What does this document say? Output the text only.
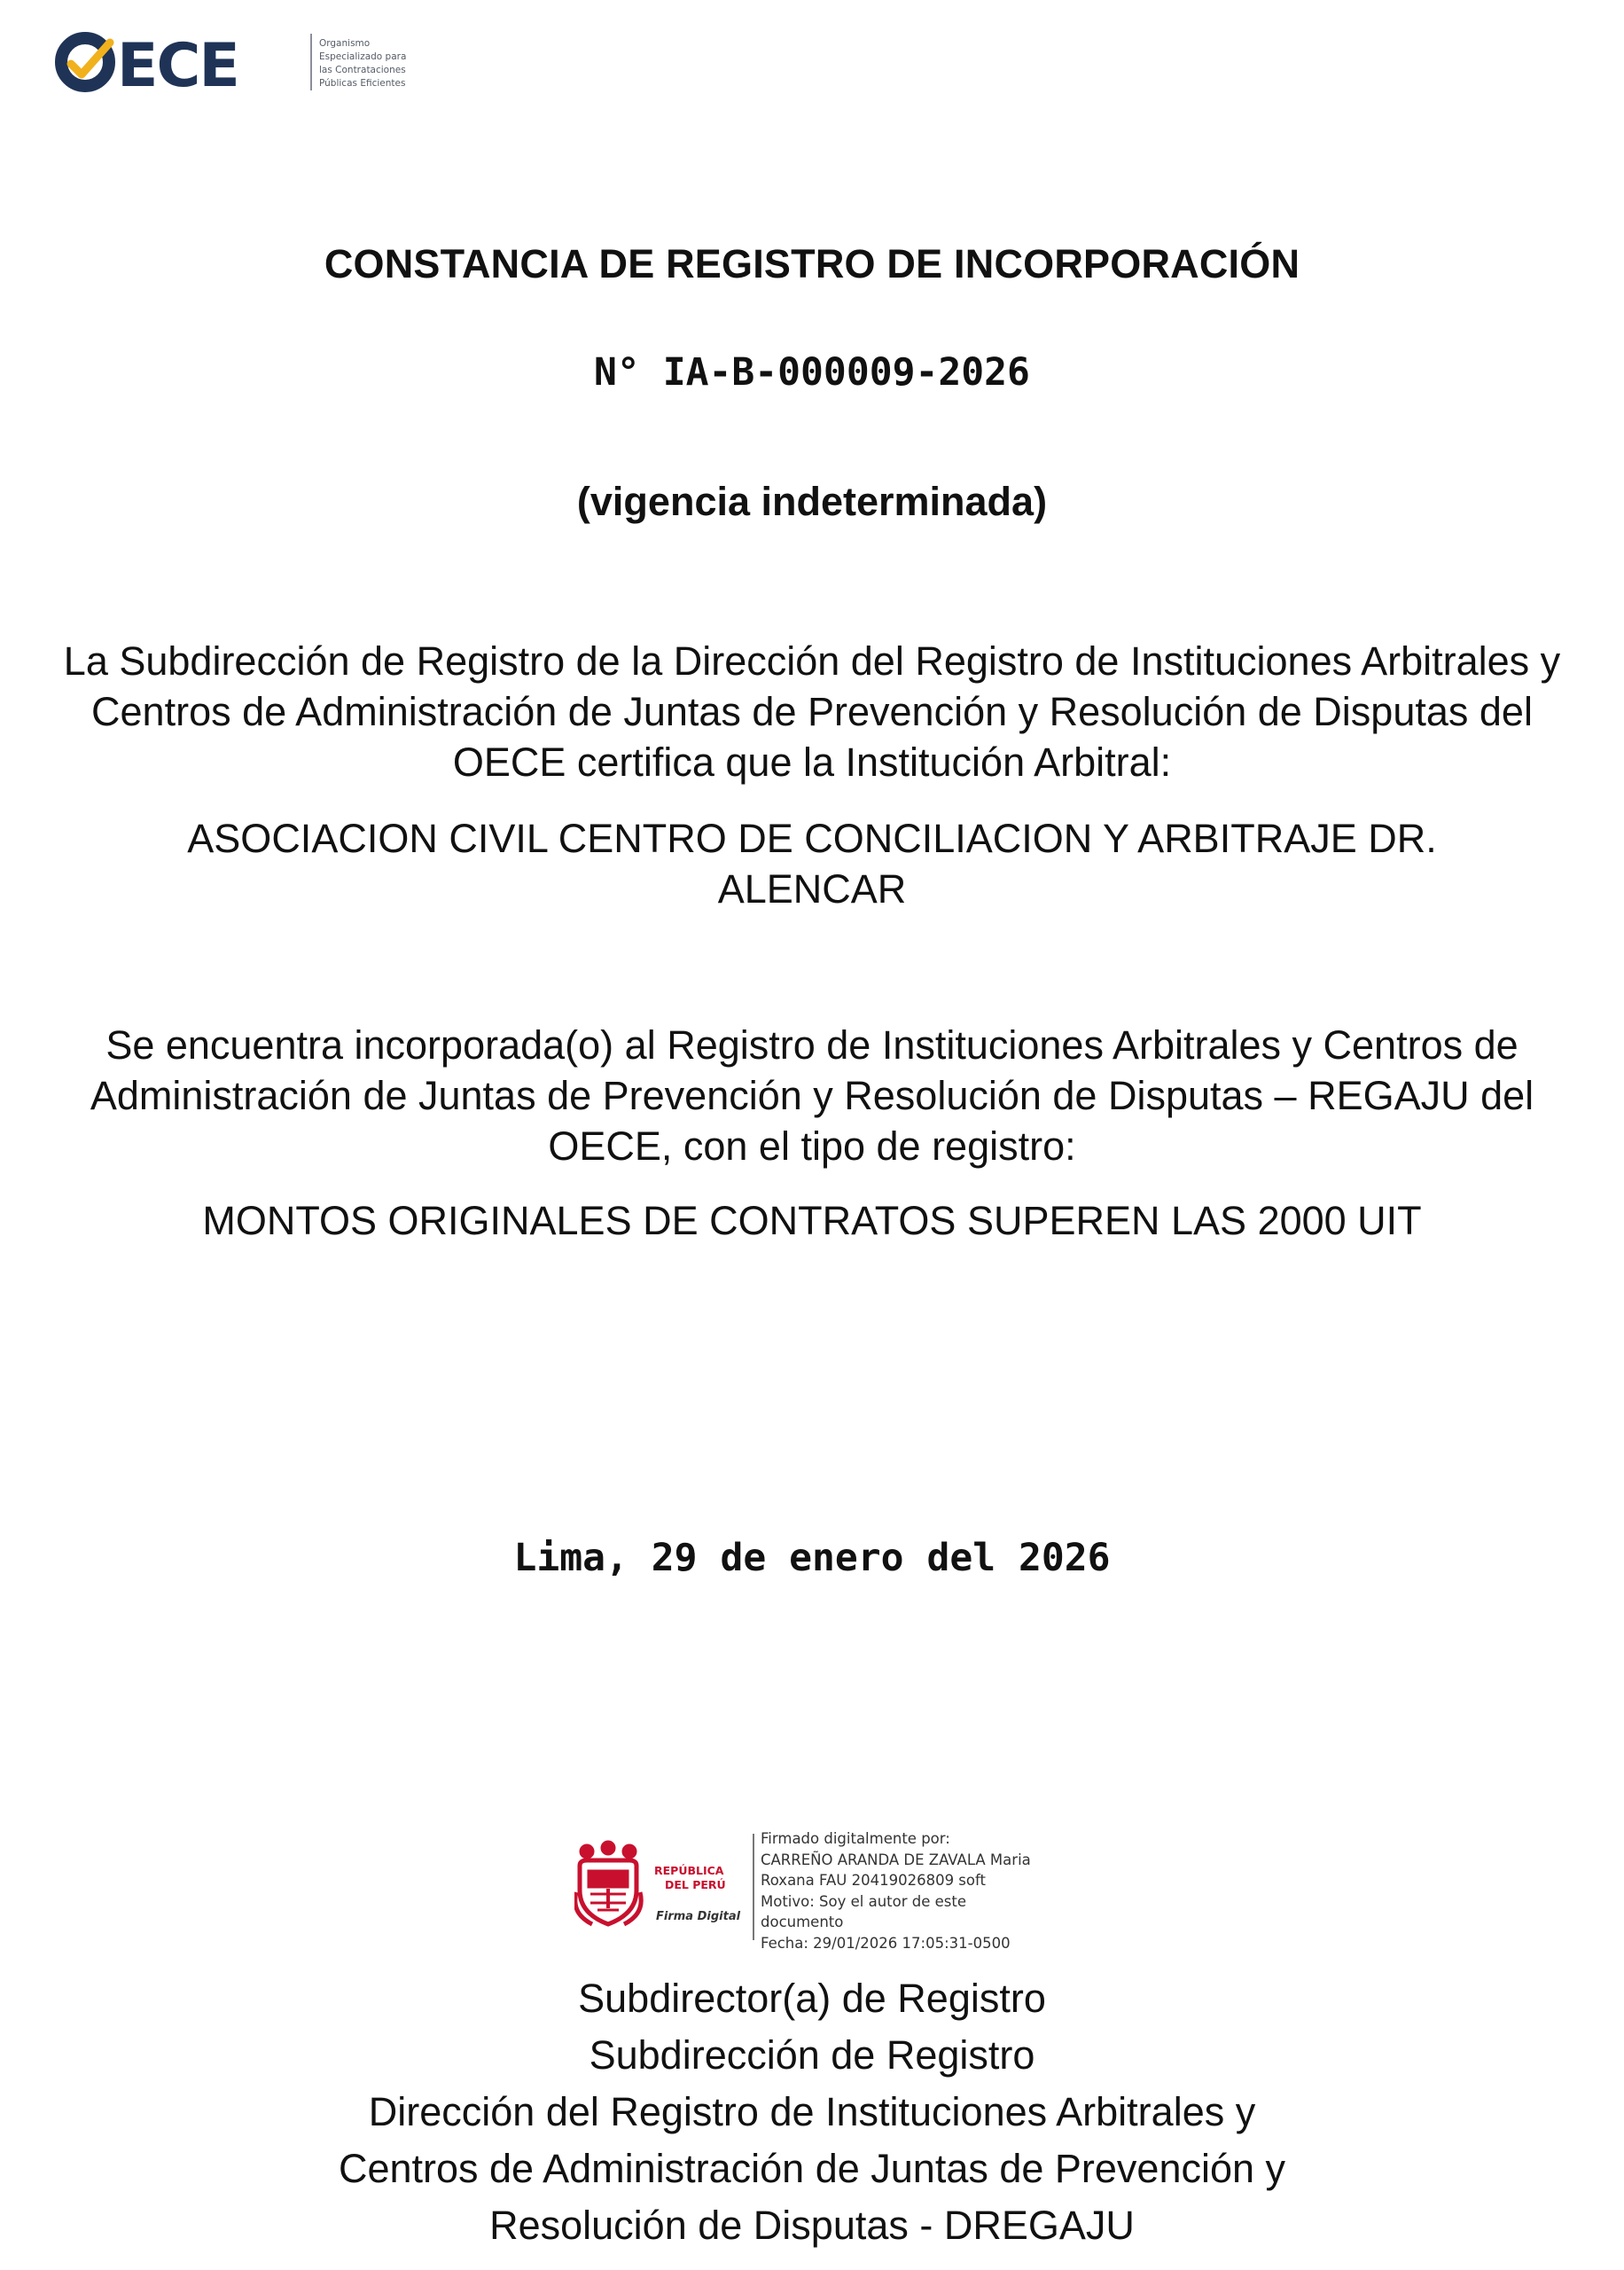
ECE	Organismo
Especializado para
las Contrataciones
Públicas Eficientes
CONSTANCIA DE REGISTRO DE INCORPORACIÓN
N° IA-B-000009-2026
(vigencia indeterminada)
La Subdirección de Registro de la Dirección del Registro de Instituciones Arbitrales y Centros de Administración de Juntas de Prevención y Resolución de Disputas del OECE certifica que la Institución Arbitral:
ASOCIACION CIVIL CENTRO DE CONCILIACION Y ARBITRAJE DR. ALENCAR
Se encuentra incorporada(o) al Registro de Instituciones Arbitrales y Centros de Administración de Juntas de Prevención y Resolución de Disputas – REGAJU del OECE, con el tipo de registro:
MONTOS ORIGINALES DE CONTRATOS SUPEREN LAS 2000 UIT
Lima, 29 de enero del 2026
REPÚBLICA
DEL PERÚ
Firma Digital
Firmado digitalmente por:
CARREÑO ARANDA DE ZAVALA Maria
Roxana FAU 20419026809 soft
Motivo: Soy el autor de este
documento
Fecha: 29/01/2026 17:05:31-0500
Subdirector(a) de Registro
Subdirección de Registro
Dirección del Registro de Instituciones Arbitrales y
Centros de Administración de Juntas de Prevención y
Resolución de Disputas - DREGAJU
